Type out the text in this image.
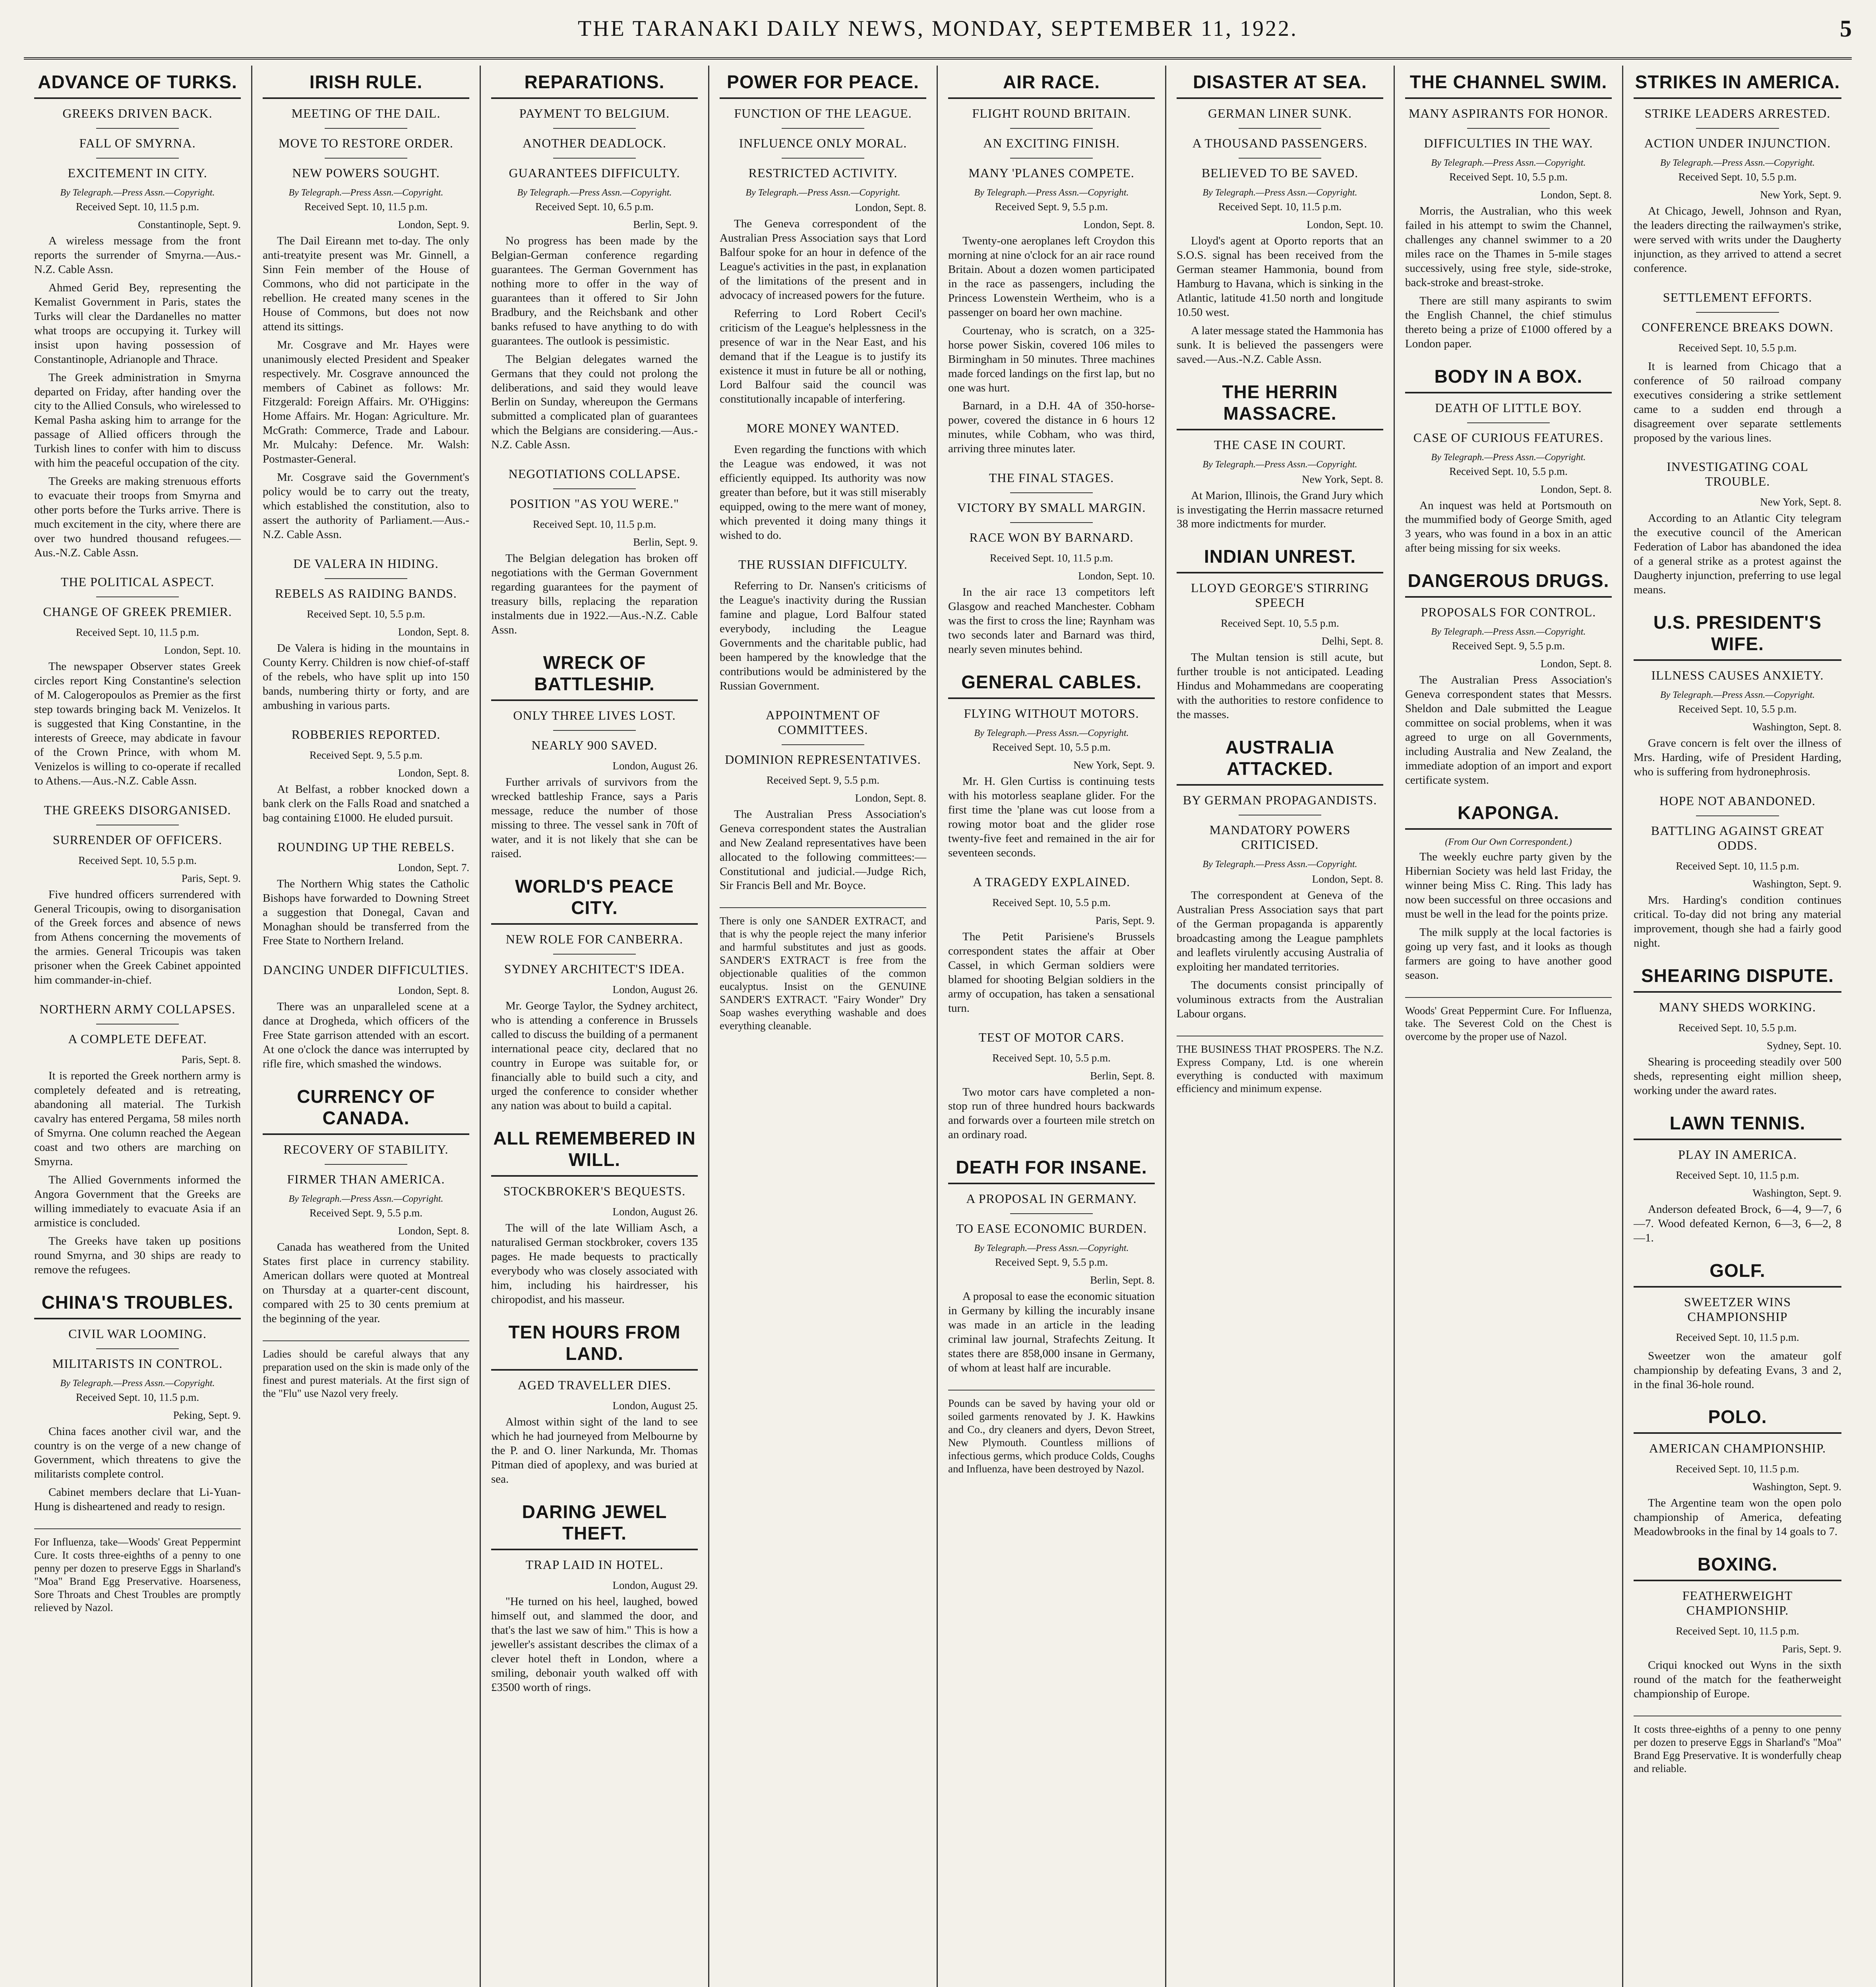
THE TARANAKI DAILY NEWS, MONDAY, SEPTEMBER 11, 1922.	5
ADVANCE OF TURKS.
GREEKS DRIVEN BACK.
FALL OF SMYRNA.
EXCITEMENT IN CITY.
By Telegraph.—Press Assn.—Copyright.
Received Sept. 10, 11.5 p.m.
Constantinople, Sept. 9.

A wireless message from the front reports the surrender of Smyrna.—Aus.-N.Z. Cable Assn.

Ahmed Gerid Bey, representing the Kemalist Government in Paris, states the Turks will clear the Dardanelles no matter what troops are occupying it. Turkey will insist upon having possession of Constantinople, Adrianople and Thrace.

The Greek administration in Smyrna departed on Friday, after handing over the city to the Allied Consuls, who wirelessed to Kemal Pasha asking him to arrange for the passage of Allied officers through the Turkish lines to confer with him to discuss with him the peaceful occupation of the city.

The Greeks are making strenuous efforts to evacuate their troops from Smyrna and other ports before the Turks arrive. There is much excitement in the city, where there are over two hundred thousand refugees.—Aus.-N.Z. Cable Assn.

THE POLITICAL ASPECT.
CHANGE OF GREEK PREMIER.
Received Sept. 10, 11.5 p.m.
London, Sept. 10.

The newspaper Observer states Greek circles report King Constantine's selection of M. Calogeropoulos as Premier as the first step towards bringing back M. Venizelos. It is suggested that King Constantine, in the interests of Greece, may abdicate in favour of the Crown Prince, with whom M. Venizelos is willing to co-operate if recalled to Athens.—Aus.-N.Z. Cable Assn.

THE GREEKS DISORGANISED.
SURRENDER OF OFFICERS.
Received Sept. 10, 5.5 p.m.
Paris, Sept. 9.

Five hundred officers surrendered with General Tricoupis, owing to disorganisation of the Greek forces and absence of news from Athens concerning the movements of the armies. General Tricoupis was taken prisoner when the Greek Cabinet appointed him commander-in-chief.

NORTHERN ARMY COLLAPSES.
A COMPLETE DEFEAT.
Paris, Sept. 8.

It is reported the Greek northern army is completely defeated and is retreating, abandoning all material. The Turkish cavalry has entered Pergama, 58 miles north of Smyrna. One column reached the Aegean coast and two others are marching on Smyrna.

The Allied Governments informed the Angora Government that the Greeks are willing immediately to evacuate Asia if an armistice is concluded.

The Greeks have taken up positions round Smyrna, and 30 ships are ready to remove the refugees.

CHINA'S TROUBLES.
CIVIL WAR LOOMING.
MILITARISTS IN CONTROL.
By Telegraph.—Press Assn.—Copyright.
Received Sept. 10, 11.5 p.m.
Peking, Sept. 9.

China faces another civil war, and the country is on the verge of a new change of Government, which threatens to give the militarists complete control.

Cabinet members declare that Li-Yuan-Hung is disheartened and ready to resign.

For Influenza, take—Woods' Great Peppermint Cure. It costs three-eighths of a penny to one penny per dozen to preserve Eggs in Sharland's "Moa" Brand Egg Preservative. Hoarseness, Sore Throats and Chest Troubles are promptly relieved by Nazol.
IRISH RULE.
MEETING OF THE DAIL.
MOVE TO RESTORE ORDER.
NEW POWERS SOUGHT.
By Telegraph.—Press Assn.—Copyright.
Received Sept. 10, 11.5 p.m.
London, Sept. 9.

The Dail Eireann met to-day. The only anti-treatyite present was Mr. Ginnell, a Sinn Fein member of the House of Commons, who did not participate in the rebellion. He created many scenes in the House of Commons, but does not now attend its sittings.

Mr. Cosgrave and Mr. Hayes were unanimously elected President and Speaker respectively. Mr. Cosgrave announced the members of Cabinet as follows: Mr. Fitzgerald: Foreign Affairs. Mr. O'Higgins: Home Affairs. Mr. Hogan: Agriculture. Mr. McGrath: Commerce, Trade and Labour. Mr. Mulcahy: Defence. Mr. Walsh: Postmaster-General.

Mr. Cosgrave said the Government's policy would be to carry out the treaty, which established the constitution, also to assert the authority of Parliament.—Aus.-N.Z. Cable Assn.

DE VALERA IN HIDING.
REBELS AS RAIDING BANDS.
Received Sept. 10, 5.5 p.m.
London, Sept. 8.

De Valera is hiding in the mountains in County Kerry. Children is now chief-of-staff of the rebels, who have split up into 150 bands, numbering thirty or forty, and are ambushing in various parts.

ROBBERIES REPORTED.
Received Sept. 9, 5.5 p.m.
London, Sept. 8.

At Belfast, a robber knocked down a bank clerk on the Falls Road and snatched a bag containing £1000. He eluded pursuit.

ROUNDING UP THE REBELS.
London, Sept. 7.

The Northern Whig states the Catholic Bishops have forwarded to Downing Street a suggestion that Donegal, Cavan and Monaghan should be transferred from the Free State to Northern Ireland.

DANCING UNDER DIFFICULTIES.
London, Sept. 8.

There was an unparalleled scene at a dance at Drogheda, which officers of the Free State garrison attended with an escort. At one o'clock the dance was interrupted by rifle fire, which smashed the windows.

CURRENCY OF CANADA.
RECOVERY OF STABILITY.
FIRMER THAN AMERICA.
By Telegraph.—Press Assn.—Copyright.
Received Sept. 9, 5.5 p.m.
London, Sept. 8.

Canada has weathered from the United States first place in currency stability. American dollars were quoted at Montreal on Thursday at a quarter-cent discount, compared with 25 to 30 cents premium at the beginning of the year.

Ladies should be careful always that any preparation used on the skin is made only of the finest and purest materials. At the first sign of the "Flu" use Nazol very freely.
REPARATIONS.
PAYMENT TO BELGIUM.
ANOTHER DEADLOCK.
GUARANTEES DIFFICULTY.
By Telegraph.—Press Assn.—Copyright.
Received Sept. 10, 6.5 p.m.
Berlin, Sept. 9.

No progress has been made by the Belgian-German conference regarding guarantees. The German Government has nothing more to offer in the way of guarantees than it offered to Sir John Bradbury, and the Reichsbank and other banks refused to have anything to do with guarantees. The outlook is pessimistic.

The Belgian delegates warned the Germans that they could not prolong the deliberations, and said they would leave Berlin on Sunday, whereupon the Germans submitted a complicated plan of guarantees which the Belgians are considering.—Aus.-N.Z. Cable Assn.

NEGOTIATIONS COLLAPSE.
POSITION "AS YOU WERE."
Received Sept. 10, 11.5 p.m.
Berlin, Sept. 9.

The Belgian delegation has broken off negotiations with the German Government regarding guarantees for the payment of treasury bills, replacing the reparation instalments due in 1922.—Aus.-N.Z. Cable Assn.

WRECK OF BATTLESHIP.
ONLY THREE LIVES LOST.
NEARLY 900 SAVED.
London, August 26.

Further arrivals of survivors from the wrecked battleship France, says a Paris message, reduce the number of those missing to three. The vessel sank in 70ft of water, and it is not likely that she can be raised.

WORLD'S PEACE CITY.
NEW ROLE FOR CANBERRA.
SYDNEY ARCHITECT'S IDEA.
London, August 26.

Mr. George Taylor, the Sydney architect, who is attending a conference in Brussels called to discuss the building of a permanent international peace city, declared that no country in Europe was suitable for, or financially able to build such a city, and urged the conference to consider whether any nation was about to build a capital.

ALL REMEMBERED IN WILL.
STOCKBROKER'S BEQUESTS.
London, August 26.

The will of the late William Asch, a naturalised German stockbroker, covers 135 pages. He made bequests to practically everybody who was closely associated with him, including his hairdresser, his chiropodist, and his masseur.

TEN HOURS FROM LAND.
AGED TRAVELLER DIES.
London, August 25.

Almost within sight of the land to see which he had journeyed from Melbourne by the P. and O. liner Narkunda, Mr. Thomas Pitman died of apoplexy, and was buried at sea.

DARING JEWEL THEFT.
TRAP LAID IN HOTEL.
London, August 29.

"He turned on his heel, laughed, bowed himself out, and slammed the door, and that's the last we saw of him." This is how a jeweller's assistant describes the climax of a clever hotel theft in London, where a smiling, debonair youth walked off with £3500 worth of rings.

POWER FOR PEACE.
FUNCTION OF THE LEAGUE.
INFLUENCE ONLY MORAL.
RESTRICTED ACTIVITY.
By Telegraph.—Press Assn.—Copyright.
London, Sept. 8.

The Geneva correspondent of the Australian Press Association says that Lord Balfour spoke for an hour in defence of the League's activities in the past, in explanation of the limitations of the present and in advocacy of increased powers for the future.

Referring to Lord Robert Cecil's criticism of the League's helplessness in the presence of war in the Near East, and his demand that if the League is to justify its existence it must in future be all or nothing, Lord Balfour said the council was constitutionally incapable of interfering.

MORE MONEY WANTED.

Even regarding the functions with which the League was endowed, it was not efficiently equipped. Its authority was now greater than before, but it was still miserably equipped, owing to the mere want of money, which prevented it doing many things it wished to do.

THE RUSSIAN DIFFICULTY.

Referring to Dr. Nansen's criticisms of the League's inactivity during the Russian famine and plague, Lord Balfour stated everybody, including the League Governments and the charitable public, had been hampered by the knowledge that the contributions would be administered by the Russian Government.

APPOINTMENT OF COMMITTEES.
DOMINION REPRESENTATIVES.
Received Sept. 9, 5.5 p.m.
London, Sept. 8.

The Australian Press Association's Geneva correspondent states the Australian and New Zealand representatives have been allocated to the following committees:—Constitutional and judicial.—Judge Rich, Sir Francis Bell and Mr. Boyce.

There is only one SANDER EXTRACT, and that is why the people reject the many inferior and harmful substitutes and just as goods. SANDER'S EXTRACT is free from the objectionable qualities of the common eucalyptus. Insist on the GENUINE SANDER'S EXTRACT. "Fairy Wonder" Dry Soap washes everything washable and does everything cleanable.
AIR RACE.
FLIGHT ROUND BRITAIN.
AN EXCITING FINISH.
MANY 'PLANES COMPETE.
By Telegraph.—Press Assn.—Copyright.
Received Sept. 9, 5.5 p.m.
London, Sept. 8.

Twenty-one aeroplanes left Croydon this morning at nine o'clock for an air race round Britain. About a dozen women participated in the race as passengers, including the Princess Lowenstein Wertheim, who is a passenger on board her own machine.

Courtenay, who is scratch, on a 325-horse power Siskin, covered 106 miles to Birmingham in 50 minutes. Three machines made forced landings on the first lap, but no one was hurt.

Barnard, in a D.H. 4A of 350-horse-power, covered the distance in 6 hours 12 minutes, while Cobham, who was third, arriving three minutes later.

THE FINAL STAGES.
VICTORY BY SMALL MARGIN.
RACE WON BY BARNARD.
Received Sept. 10, 11.5 p.m.
London, Sept. 10.

In the air race 13 competitors left Glasgow and reached Manchester. Cobham was the first to cross the line; Raynham was two seconds later and Barnard was third, nearly seven minutes behind.

GENERAL CABLES.
FLYING WITHOUT MOTORS.
By Telegraph.—Press Assn.—Copyright.
Received Sept. 10, 5.5 p.m.
New York, Sept. 9.

Mr. H. Glen Curtiss is continuing tests with his motorless seaplane glider. For the first time the 'plane was cut loose from a rowing motor boat and the glider rose twenty-five feet and remained in the air for seventeen seconds.

A TRAGEDY EXPLAINED.
Received Sept. 10, 5.5 p.m.
Paris, Sept. 9.

The Petit Parisiene's Brussels correspondent states the affair at Ober Cassel, in which German soldiers were blamed for shooting Belgian soldiers in the army of occupation, has taken a sensational turn.

TEST OF MOTOR CARS.
Received Sept. 10, 5.5 p.m.
Berlin, Sept. 8.

Two motor cars have completed a non-stop run of three hundred hours backwards and forwards over a fourteen mile stretch on an ordinary road.

DEATH FOR INSANE.
A PROPOSAL IN GERMANY.
TO EASE ECONOMIC BURDEN.
By Telegraph.—Press Assn.—Copyright.
Received Sept. 9, 5.5 p.m.
Berlin, Sept. 8.

A proposal to ease the economic situation in Germany by killing the incurably insane was made in an article in the leading criminal law journal, Strafechts Zeitung. It states there are 858,000 insane in Germany, of whom at least half are incurable.

Pounds can be saved by having your old or soiled garments renovated by J. K. Hawkins and Co., dry cleaners and dyers, Devon Street, New Plymouth. Countless millions of infectious germs, which produce Colds, Coughs and Influenza, have been destroyed by Nazol.
DISASTER AT SEA.
GERMAN LINER SUNK.
A THOUSAND PASSENGERS.
BELIEVED TO BE SAVED.
By Telegraph.—Press Assn.—Copyright.
Received Sept. 10, 11.5 p.m.
London, Sept. 10.

Lloyd's agent at Oporto reports that an S.O.S. signal has been received from the German steamer Hammonia, bound from Hamburg to Havana, which is sinking in the Atlantic, latitude 41.50 north and longitude 10.50 west.

A later message stated the Hammonia has sunk. It is believed the passengers were saved.—Aus.-N.Z. Cable Assn.

THE HERRIN MASSACRE.
THE CASE IN COURT.
By Telegraph.—Press Assn.—Copyright.
New York, Sept. 8.

At Marion, Illinois, the Grand Jury which is investigating the Herrin massacre returned 38 more indictments for murder.

INDIAN UNREST.
LLOYD GEORGE'S STIRRING SPEECH
Received Sept. 10, 5.5 p.m.
Delhi, Sept. 8.

The Multan tension is still acute, but further trouble is not anticipated. Leading Hindus and Mohammedans are cooperating with the authorities to restore confidence to the masses.

AUSTRALIA ATTACKED.
BY GERMAN PROPAGANDISTS.
MANDATORY POWERS CRITICISED.
By Telegraph.—Press Assn.—Copyright.
London, Sept. 8.

The correspondent at Geneva of the Australian Press Association says that part of the German propaganda is apparently broadcasting among the League pamphlets and leaflets virulently accusing Australia of exploiting her mandated territories.

The documents consist principally of voluminous extracts from the Australian Labour organs.

THE BUSINESS THAT PROSPERS. The N.Z. Express Company, Ltd. is one wherein everything is conducted with maximum efficiency and minimum expense.
THE CHANNEL SWIM.
MANY ASPIRANTS FOR HONOR.
DIFFICULTIES IN THE WAY.
By Telegraph.—Press Assn.—Copyright.
Received Sept. 10, 5.5 p.m.
London, Sept. 8.

Morris, the Australian, who this week failed in his attempt to swim the Channel, challenges any channel swimmer to a 20 miles race on the Thames in 5-mile stages successively, using free style, side-stroke, back-stroke and breast-stroke.

There are still many aspirants to swim the English Channel, the chief stimulus thereto being a prize of £1000 offered by a London paper.

BODY IN A BOX.
DEATH OF LITTLE BOY.
CASE OF CURIOUS FEATURES.
By Telegraph.—Press Assn.—Copyright.
Received Sept. 10, 5.5 p.m.
London, Sept. 8.

An inquest was held at Portsmouth on the mummified body of George Smith, aged 3 years, who was found in a box in an attic after being missing for six weeks.

DANGEROUS DRUGS.
PROPOSALS FOR CONTROL.
By Telegraph.—Press Assn.—Copyright.
Received Sept. 9, 5.5 p.m.
London, Sept. 8.

The Australian Press Association's Geneva correspondent states that Messrs. Sheldon and Dale submitted the League committee on social problems, when it was agreed to urge on all Governments, including Australia and New Zealand, the immediate adoption of an import and export certificate system.

KAPONGA.
(From Our Own Correspondent.)

The weekly euchre party given by the Hibernian Society was held last Friday, the winner being Miss C. Ring. This lady has now been successful on three occasions and must be well in the lead for the points prize.

The milk supply at the local factories is going up very fast, and it looks as though farmers are going to have another good season.

Woods' Great Peppermint Cure. For Influenza, take. The Severest Cold on the Chest is overcome by the proper use of Nazol.
STRIKES IN AMERICA.
STRIKE LEADERS ARRESTED.
ACTION UNDER INJUNCTION.
By Telegraph.—Press Assn.—Copyright.
Received Sept. 10, 5.5 p.m.
New York, Sept. 9.

At Chicago, Jewell, Johnson and Ryan, the leaders directing the railwaymen's strike, were served with writs under the Daugherty injunction, as they arrived to attend a secret conference.

SETTLEMENT EFFORTS.
CONFERENCE BREAKS DOWN.
Received Sept. 10, 5.5 p.m.

It is learned from Chicago that a conference of 50 railroad company executives considering a strike settlement came to a sudden end through a disagreement over separate settlements proposed by the various lines.

INVESTIGATING COAL TROUBLE.
New York, Sept. 8.

According to an Atlantic City telegram the executive council of the American Federation of Labor has abandoned the idea of a general strike as a protest against the Daugherty injunction, preferring to use legal means.

U.S. PRESIDENT'S WIFE.
ILLNESS CAUSES ANXIETY.
By Telegraph.—Press Assn.—Copyright.
Received Sept. 10, 5.5 p.m.
Washington, Sept. 8.

Grave concern is felt over the illness of Mrs. Harding, wife of President Harding, who is suffering from hydronephrosis.

HOPE NOT ABANDONED.
BATTLING AGAINST GREAT ODDS.
Received Sept. 10, 11.5 p.m.
Washington, Sept. 9.

Mrs. Harding's condition continues critical. To-day did not bring any material improvement, though she had a fairly good night.

SHEARING DISPUTE.
MANY SHEDS WORKING.
Received Sept. 10, 5.5 p.m.
Sydney, Sept. 10.

Shearing is proceeding steadily over 500 sheds, representing eight million sheep, working under the award rates.

LAWN TENNIS.
PLAY IN AMERICA.
Received Sept. 10, 11.5 p.m.
Washington, Sept. 9.

Anderson defeated Brock, 6—4, 9—7, 6—7. Wood defeated Kernon, 6—3, 6—2, 8—1.

GOLF.
SWEETZER WINS CHAMPIONSHIP
Received Sept. 10, 11.5 p.m.

Sweetzer won the amateur golf championship by defeating Evans, 3 and 2, in the final 36-hole round.

POLO.
AMERICAN CHAMPIONSHIP.
Received Sept. 10, 11.5 p.m.
Washington, Sept. 9.

The Argentine team won the open polo championship of America, defeating Meadowbrooks in the final by 14 goals to 7.

BOXING.
FEATHERWEIGHT CHAMPIONSHIP.
Received Sept. 10, 11.5 p.m.
Paris, Sept. 9.

Criqui knocked out Wyns in the sixth round of the match for the featherweight championship of Europe.

It costs three-eighths of a penny to one penny per dozen to preserve Eggs in Sharland's "Moa" Brand Egg Preservative. It is wonderfully cheap and reliable.
